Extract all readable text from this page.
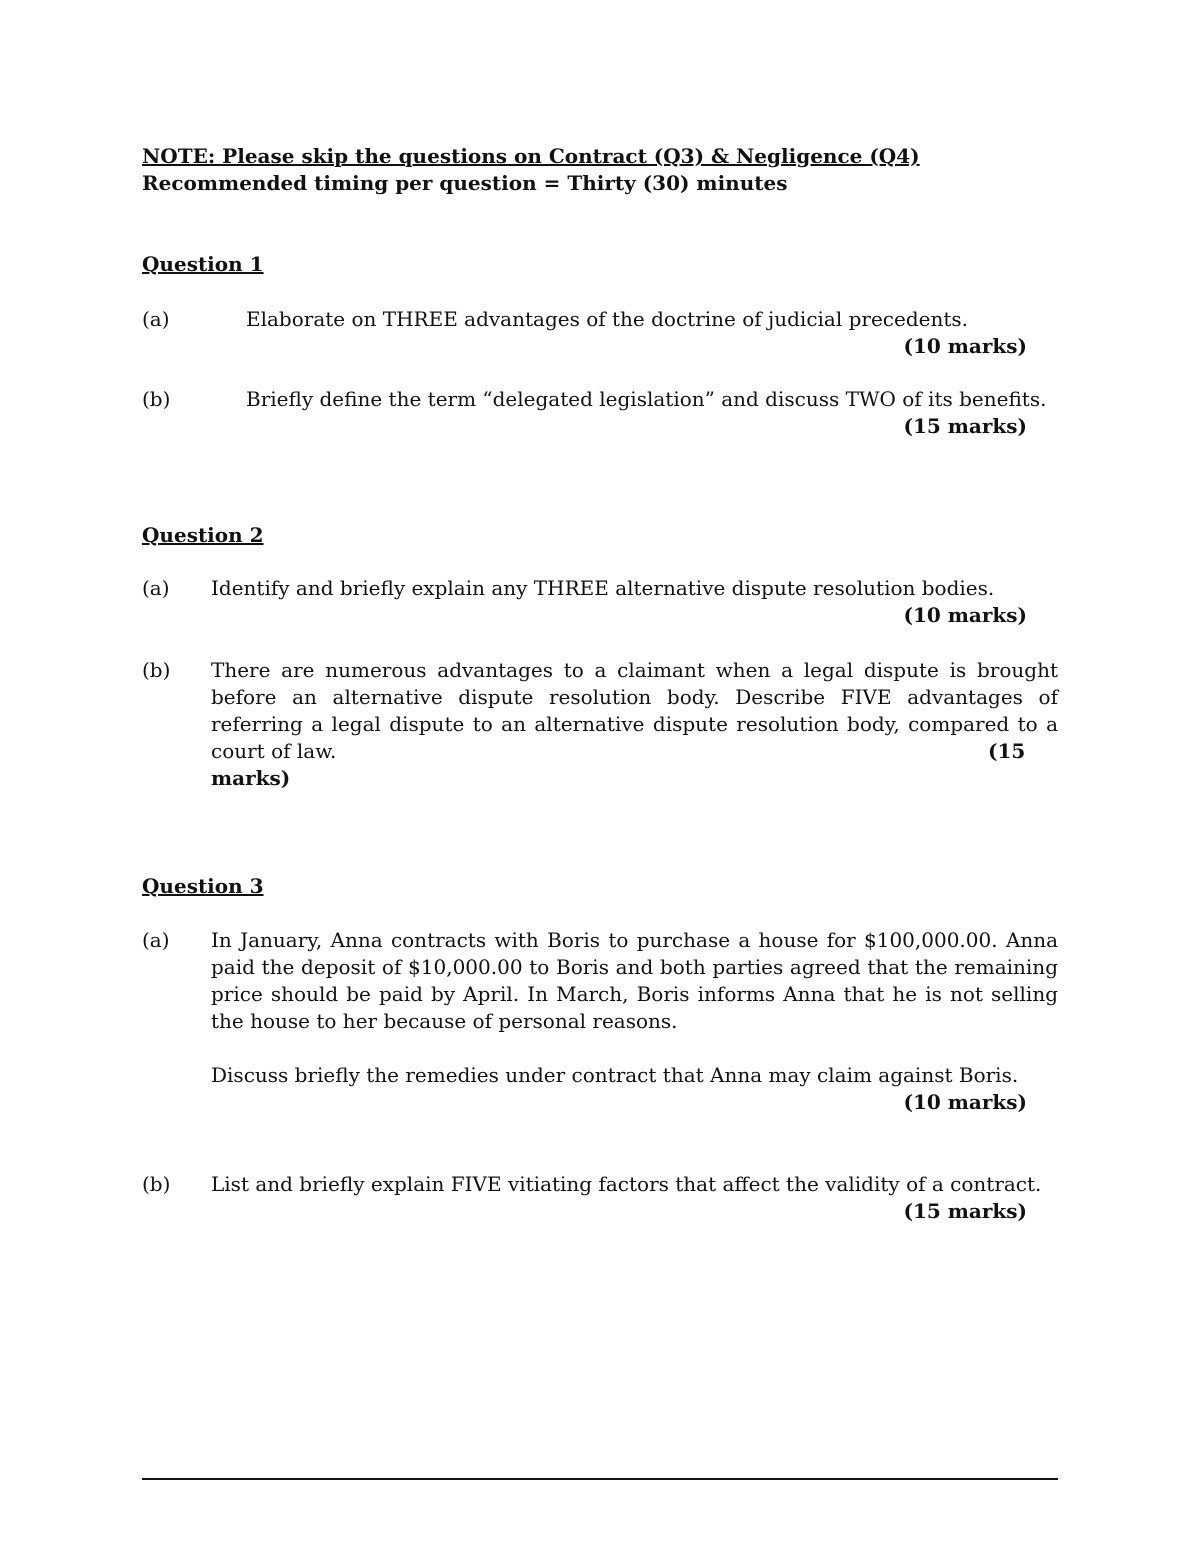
NOTE: Please skip the questions on Contract (Q3) & Negligence (Q4)

Recommended timing per question = Thirty (30) minutes

Question 1

(a)	Elaborate on THREE advantages of the doctrine of judicial precedents.

(10 marks)

(b)	Briefly define the term “delegated legislation” and discuss TWO of its benefits.

(15 marks)

Question 2

(a) Identify and briefly explain any THREE alternative dispute resolution bodies.

(10 marks)

(b) There are numerous advantages to a claimant when a legal dispute is brought before an alternative dispute resolution body. Describe FIVE advantages of referring a legal dispute to an alternative dispute resolution body, compared to a court of law.	(15

marks)

Question 3

(a) In January, Anna contracts with Boris to purchase a house for $100,000.00. Anna paid the deposit of $10,000.00 to Boris and both parties agreed that the remaining price should be paid by April. In March, Boris informs Anna that he is not selling the house to her because of personal reasons.

Discuss briefly the remedies under contract that Anna may claim against Boris.

(10 marks)

(b) List and briefly explain FIVE vitiating factors that affect the validity of a contract.

(15 marks)
